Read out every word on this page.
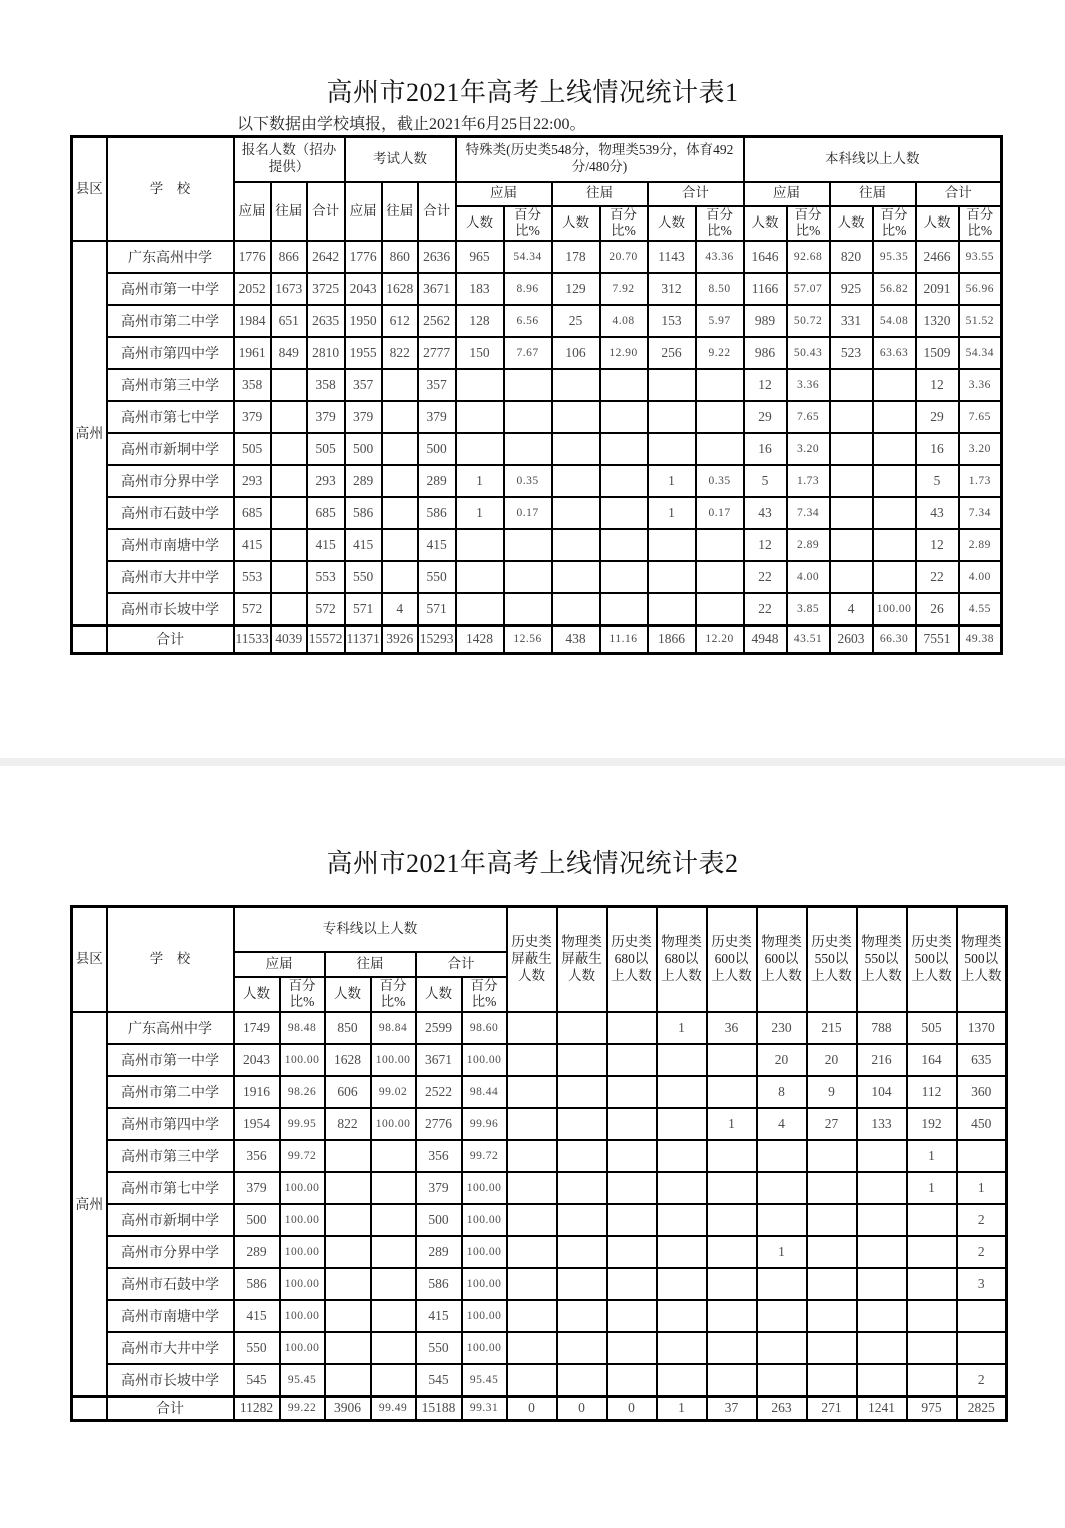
高州市2021年高考上线情况统计表1
以下数据由学校填报，截止2021年6月25日22:00。
县区	学　校	报名人数（招办提供）			考试人数			特殊类(历史类548分，物理类539分，体育492分/480分)						本科线以上人数					
		应届	往届	合计	应届	往届	合计	应届		往届		合计		应届		往届		合计	
								人数	百分比%	人数	百分比%	人数	百分比%	人数	百分比%	人数	百分比%	人数	百分比%
高州	广东高州中学	1776	866	2642	1776	860	2636	965	54.34	178	20.70	1143	43.36	1646	92.68	820	95.35	2466	93.55
	高州市第一中学	2052	1673	3725	2043	1628	3671	183	8.96	129	7.92	312	8.50	1166	57.07	925	56.82	2091	56.96
	高州市第二中学	1984	651	2635	1950	612	2562	128	6.56	25	4.08	153	5.97	989	50.72	331	54.08	1320	51.52
	高州市第四中学	1961	849	2810	1955	822	2777	150	7.67	106	12.90	256	9.22	986	50.43	523	63.63	1509	54.34
	高州市第三中学	358		358	357		357							12	3.36			12	3.36
	高州市第七中学	379		379	379		379							29	7.65			29	7.65
	高州市新垌中学	505		505	500		500							16	3.20			16	3.20
	高州市分界中学	293		293	289		289	1	0.35			1	0.35	5	1.73			5	1.73
	高州市石鼓中学	685		685	586		586	1	0.17			1	0.17	43	7.34			43	7.34
	高州市南塘中学	415		415	415		415							12	2.89			12	2.89
	高州市大井中学	553		553	550		550							22	4.00			22	4.00
	高州市长坡中学	572		572	571	4	571							22	3.85	4	100.00	26	4.55
	合计	11533	4039	15572	11371	3926	15293	1428	12.56	438	11.16	1866	12.20	4948	43.51	2603	66.30	7551	49.38
高州市2021年高考上线情况统计表2
县区	学　校	专科线以上人数						历史类屏蔽生人数	物理类屏蔽生人数	历史类680以上人数	物理类680以上人数	历史类600以上人数	物理类600以上人数	历史类550以上人数	物理类550以上人数	历史类500以上人数	物理类500以上人数
		应届		往届		合计											
		人数	百分比%	人数	百分比%	人数	百分比%										
高州	广东高州中学	1749	98.48	850	98.84	2599	98.60				1	36	230	215	788	505	1370
	高州市第一中学	2043	100.00	1628	100.00	3671	100.00						20	20	216	164	635
	高州市第二中学	1916	98.26	606	99.02	2522	98.44						8	9	104	112	360
	高州市第四中学	1954	99.95	822	100.00	2776	99.96					1	4	27	133	192	450
	高州市第三中学	356	99.72			356	99.72									1	
	高州市第七中学	379	100.00			379	100.00									1	1
	高州市新垌中学	500	100.00			500	100.00										2
	高州市分界中学	289	100.00			289	100.00						1				2
	高州市石鼓中学	586	100.00			586	100.00										3
	高州市南塘中学	415	100.00			415	100.00										
	高州市大井中学	550	100.00			550	100.00										
	高州市长坡中学	545	95.45			545	95.45										2
	合计	11282	99.22	3906	99.49	15188	99.31	0	0	0	1	37	263	271	1241	975	2825
